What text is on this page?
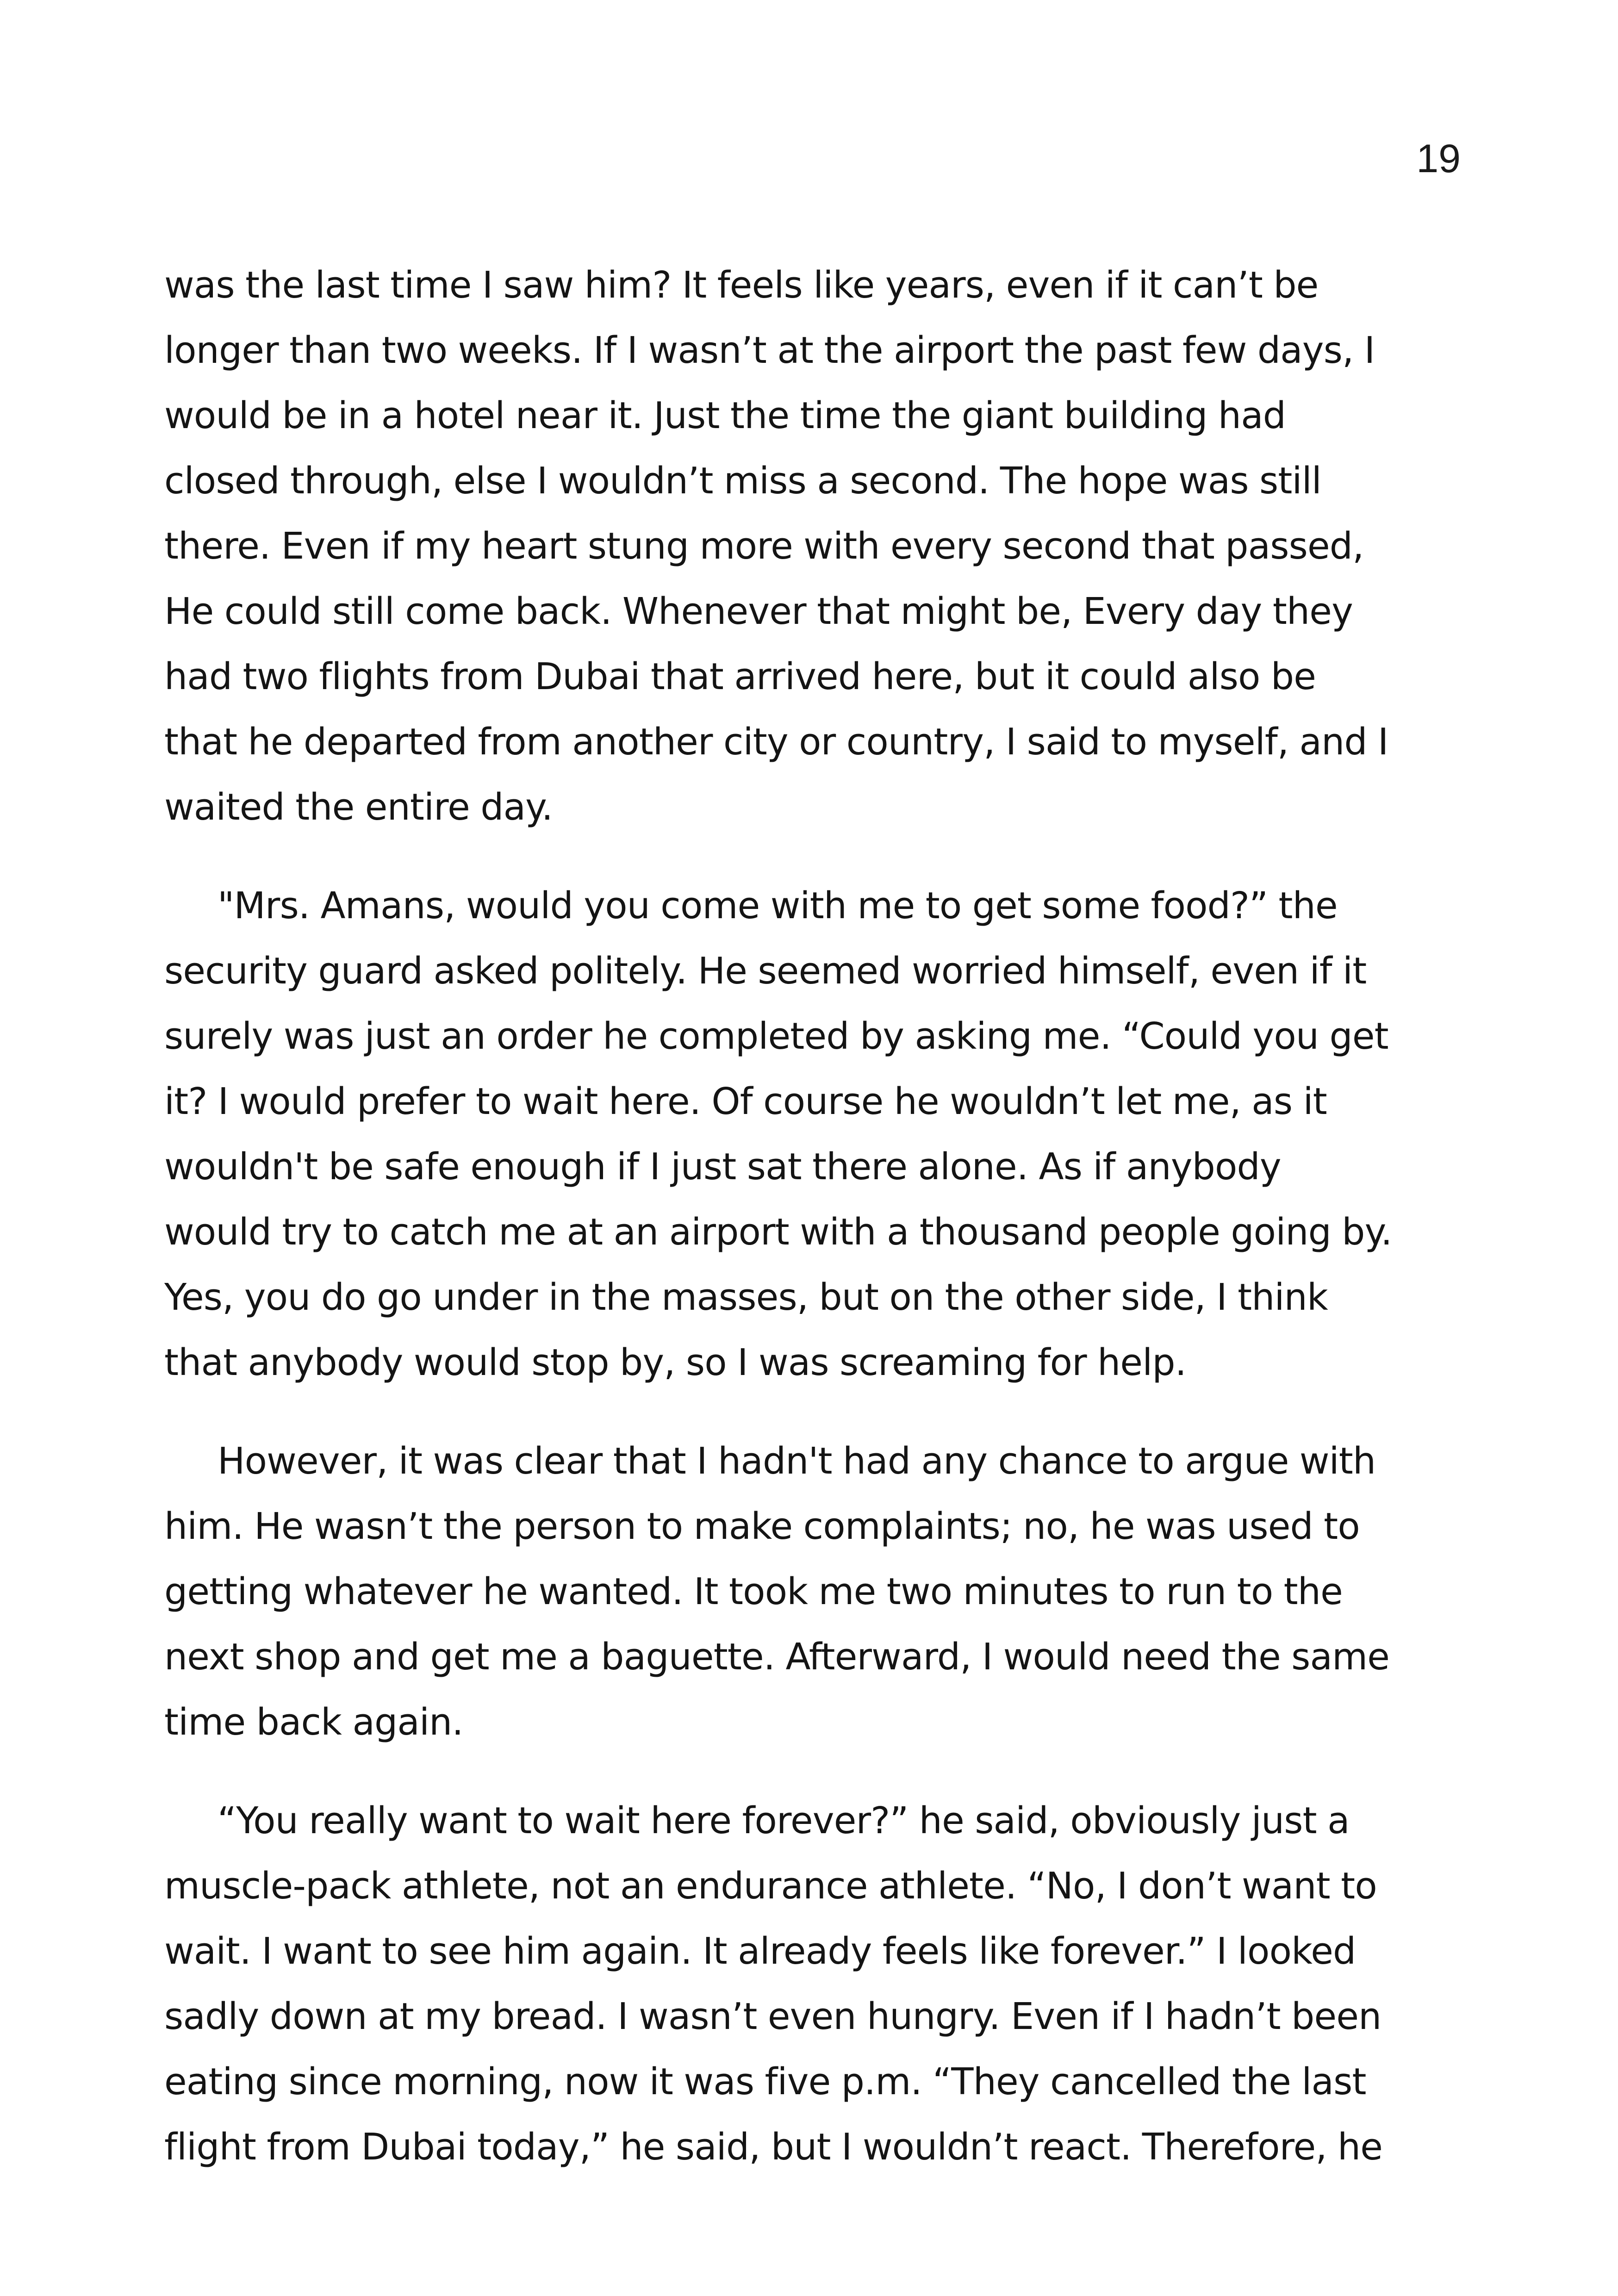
19
was the last time I saw him? It feels like years, even if it can’t be
longer than two weeks. If I wasn’t at the airport the past few days, I
would be in a hotel near it. Just the time the giant building had
closed through, else I wouldn’t miss a second. The hope was still
there. Even if my heart stung more with every second that passed,
He could still come back. Whenever that might be, Every day they
had two flights from Dubai that arrived here, but it could also be
that he departed from another city or country, I said to myself, and I
waited the entire day.
"Mrs. Amans, would you come with me to get some food?” the
security guard asked politely. He seemed worried himself, even if it
surely was just an order he completed by asking me. “Could you get
it? I would prefer to wait here. Of course he wouldn’t let me, as it
wouldn't be safe enough if I just sat there alone. As if anybody
would try to catch me at an airport with a thousand people going by.
Yes, you do go under in the masses, but on the other side, I think
that anybody would stop by, so I was screaming for help.
However, it was clear that I hadn't had any chance to argue with
him. He wasn’t the person to make complaints; no, he was used to
getting whatever he wanted. It took me two minutes to run to the
next shop and get me a baguette. Afterward, I would need the same
time back again.
“You really want to wait here forever?” he said, obviously just a
muscle-pack athlete, not an endurance athlete. “No, I don’t want to
wait. I want to see him again. It already feels like forever.” I looked
sadly down at my bread. I wasn’t even hungry. Even if I hadn’t been
eating since morning, now it was five p.m. “They cancelled the last
flight from Dubai today,” he said, but I wouldn’t react. Therefore, he
